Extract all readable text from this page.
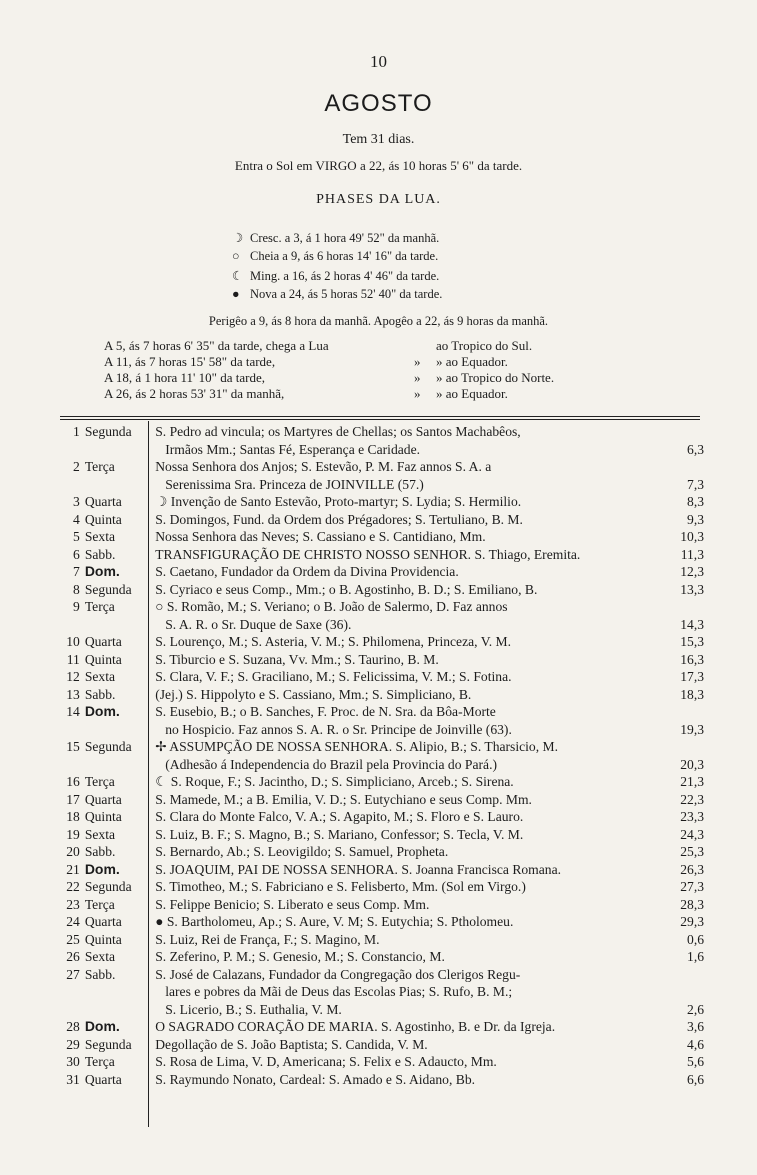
10
AGOSTO
Tem 31 dias.
Entra o Sol em VIRGO a 22, ás 10 horas 5' 6" da tarde.
PHASES DA LUA.
☽ Cresc. a 3, á 1 hora 49' 52" da manhã.
○ Cheia a 9, ás 6 horas 14' 16" da tarde.
☾ Ming. a 16, ás 2 horas 4' 46" da tarde.
● Nova a 24, ás 5 horas 52' 40" da tarde.
Perigêo a 9, ás 8 hora da manhã. Apogêo a 22, ás 9 horas da manhã.
A 5, ás 7 horas 6' 35" da tarde, chega a Lua	ao Tropico do Sul.
A 11, ás 7 horas 15' 58" da tarde,	» » ao Equador.
A 18, á 1 hora 11' 10" da tarde,	» » ao Tropico do Norte.
A 26, ás 2 horas 53' 31" da manhã,	» » ao Equador.
1 Segunda	S. Pedro ad vincula; os Martyres de Chellas; os Santos Machabêos,
Irmãos Mm.; Santas Fé, Esperança e Caridade.	6,3
2 Terça	Nossa Senhora dos Anjos; S. Estevão, P. M. Faz annos S. A. a
Serenissima Sra. Princeza de JOINVILLE (57.)	7,3
3 Quarta	☽ Invenção de Santo Estevão, Proto-martyr; S. Lydia; S. Hermilio.	8,3
4 Quinta	S. Domingos, Fund. da Ordem dos Prégadores; S. Tertuliano, B. M.	9,3
5 Sexta	Nossa Senhora das Neves; S. Cassiano e S. Cantidiano, Mm.	10,3
6 Sabb.	TRANSFIGURAÇÃO DE CHRISTO NOSSO SENHOR. S. Thiago, Eremita.	11,3
7 Dom.	S. Caetano, Fundador da Ordem da Divina Providencia.	12,3
8 Segunda	S. Cyriaco e seus Comp., Mm.; o B. Agostinho, B. D.; S. Emiliano, B.	13,3
9 Terça	○ S. Romão, M.; S. Veriano; o B. João de Salermo, D. Faz annos
S. A. R. o Sr. Duque de Saxe (36).	14,3
10 Quarta	S. Lourenço, M.; S. Asteria, V. M.; S. Philomena, Princeza, V. M.	15,3
11 Quinta	S. Tiburcio e S. Suzana, Vv. Mm.; S. Taurino, B. M.	16,3
12 Sexta	S. Clara, V. F.; S. Graciliano, M.; S. Felicissima, V. M.; S. Fotina.	17,3
13 Sabb.	(Jej.) S. Hippolyto e S. Cassiano, Mm.; S. Simpliciano, B.	18,3
14 Dom.	S. Eusebio, B.; o B. Sanches, F. Proc. de N. Sra. da Bôa-Morte
no Hospicio. Faz annos S. A. R. o Sr. Principe de Joinville (63).	19,3
15 Segunda	✢ ASSUMPÇÃO DE NOSSA SENHORA. S. Alipio, B.; S. Tharsicio, M.
(Adhesão á Independencia do Brazil pela Provincia do Pará.)	20,3
16 Terça	☾ S. Roque, F.; S. Jacintho, D.; S. Simpliciano, Arceb.; S. Sirena.	21,3
17 Quarta	S. Mamede, M.; a B. Emilia, V. D.; S. Eutychiano e seus Comp. Mm.	22,3
18 Quinta	S. Clara do Monte Falco, V. A.; S. Agapito, M.; S. Floro e S. Lauro.	23,3
19 Sexta	S. Luiz, B. F.; S. Magno, B.; S. Mariano, Confessor; S. Tecla, V. M.	24,3
20 Sabb.	S. Bernardo, Ab.; S. Leovigildo; S. Samuel, Propheta.	25,3
21 Dom.	S. JOAQUIM, PAI DE NOSSA SENHORA. S. Joanna Francisca Romana.	26,3
22 Segunda	S. Timotheo, M.; S. Fabriciano e S. Felisberto, Mm. (Sol em Virgo.)	27,3
23 Terça	S. Felippe Benicio; S. Liberato e seus Comp. Mm.	28,3
24 Quarta	● S. Bartholomeu, Ap.; S. Aure, V. M; S. Eutychia; S. Ptholomeu.	29,3
25 Quinta	S. Luiz, Rei de França, F.; S. Magino, M.	0,6
26 Sexta	S. Zeferino, P. M.; S. Genesio, M.; S. Constancio, M.	1,6
27 Sabb.	S. José de Calazans, Fundador da Congregação dos Clerigos Regu-
lares e pobres da Mãi de Deus das Escolas Pias; S. Rufo, B. M.;
S. Licerio, B.; S. Euthalia, V. M.	2,6
28 Dom.	O SAGRADO CORAÇÃO DE MARIA. S. Agostinho, B. e Dr. da Igreja.	3,6
29 Segunda	Degollação de S. João Baptista; S. Candida, V. M.	4,6
30 Terça	S. Rosa de Lima, V. D, Americana; S. Felix e S. Adaucto, Mm.	5,6
31 Quarta	S. Raymundo Nonato, Cardeal: S. Amado e S. Aidano, Bb.	6,6
